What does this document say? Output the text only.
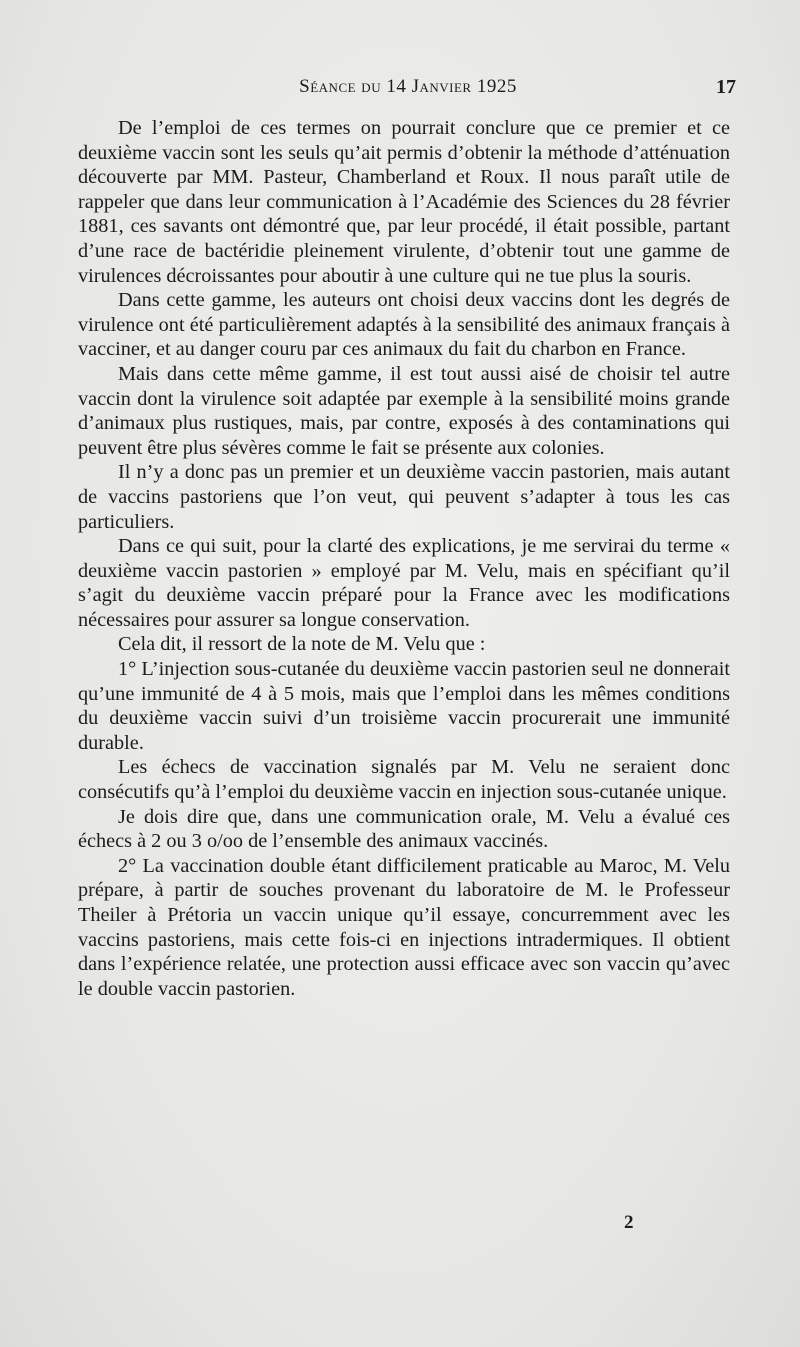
Séance du 14 Janvier 1925	17

De l’emploi de ces termes on pourrait conclure que ce premier et ce deuxième vaccin sont les seuls qu’ait permis d’obtenir la méthode d’atténuation découverte par MM. Pasteur, Chamberland et Roux. Il nous paraît utile de rappeler que dans leur communication à l’Académie des Sciences du 28 février 1881, ces savants ont démontré que, par leur procédé, il était possible, partant d’une race de bactéridie pleinement virulente, d’obtenir tout une gamme de virulences décroissantes pour aboutir à une culture qui ne tue plus la souris.

Dans cette gamme, les auteurs ont choisi deux vaccins dont les degrés de virulence ont été particulièrement adaptés à la sensibilité des animaux français à vacciner, et au danger couru par ces animaux du fait du charbon en France.

Mais dans cette même gamme, il est tout aussi aisé de choisir tel autre vaccin dont la virulence soit adaptée par exemple à la sensibilité moins grande d’animaux plus rustiques, mais, par contre, exposés à des contaminations qui peuvent être plus sévères comme le fait se présente aux colonies.

Il n’y a donc pas un premier et un deuxième vaccin pastorien, mais autant de vaccins pastoriens que l’on veut, qui peuvent s’adapter à tous les cas particuliers.

Dans ce qui suit, pour la clarté des explications, je me servirai du terme « deuxième vaccin pastorien » employé par M. Velu, mais en spécifiant qu’il s’agit du deuxième vaccin préparé pour la France avec les modifications nécessaires pour assurer sa longue conservation.

Cela dit, il ressort de la note de M. Velu que :

1° L’injection sous-cutanée du deuxième vaccin pastorien seul ne donnerait qu’une immunité de 4 à 5 mois, mais que l’emploi dans les mêmes conditions du deuxième vaccin suivi d’un troisième vaccin procurerait une immunité durable.

Les échecs de vaccination signalés par M. Velu ne seraient donc consécutifs qu’à l’emploi du deuxième vaccin en injection sous-cutanée unique.

Je dois dire que, dans une communication orale, M. Velu a évalué ces échecs à 2 ou 3 o/oo de l’ensemble des animaux vaccinés.

2° La vaccination double étant difficilement praticable au Maroc, M. Velu prépare, à partir de souches provenant du laboratoire de M. le Professeur Theiler à Prétoria un vaccin unique qu’il essaye, concurremment avec les vaccins pastoriens, mais cette fois-ci en injections intradermiques. Il obtient dans l’expérience relatée, une protection aussi efficace avec son vaccin qu’avec le double vaccin pastorien.

2
